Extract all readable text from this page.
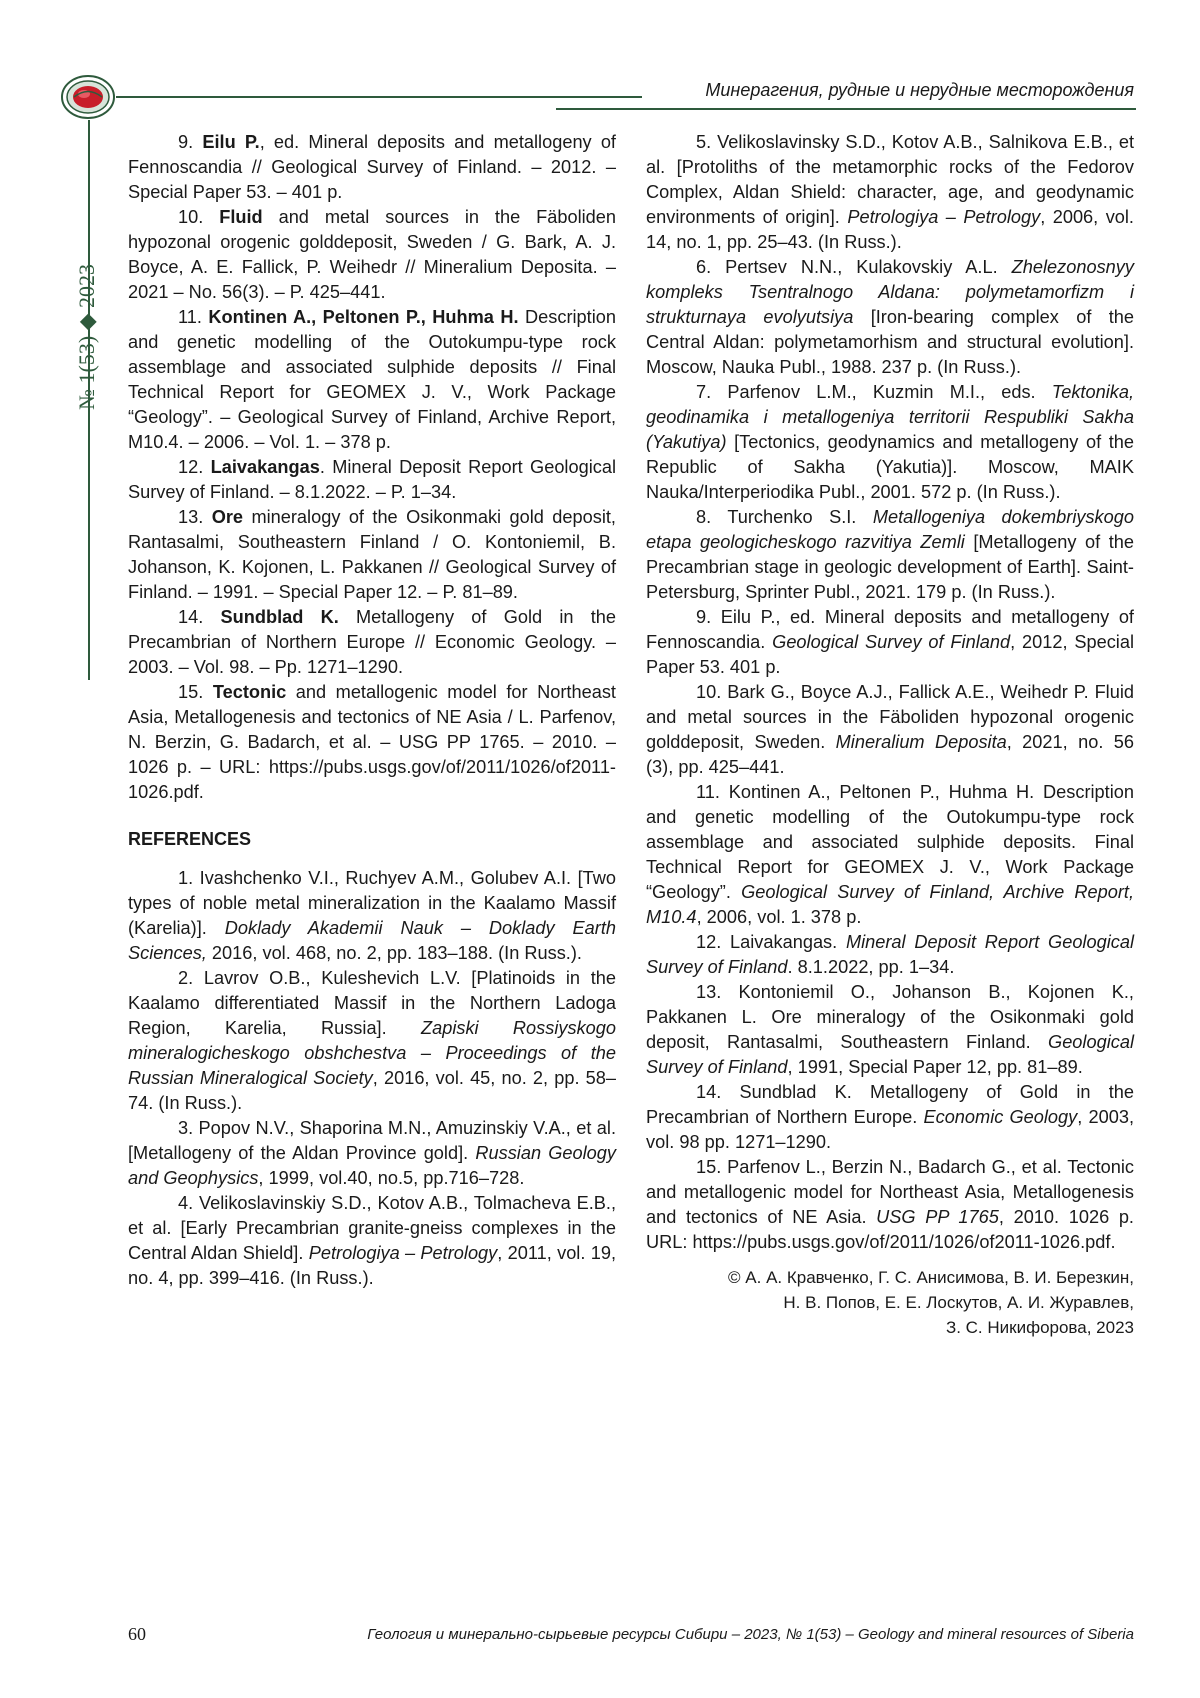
Минерагения, рудные и нерудные месторождения
№ 1(53) ◆ 2023

9. Eilu P., ed. Mineral deposits and metallogeny of Fennoscandia // Geological Survey of Finland. – 2012. – Special Paper 53. – 401 p.

10. Fluid and metal sources in the Fäboliden hypozonal orogenic golddeposit, Sweden / G. Bark, A. J. Boyce, A. E. Fallick, P. Weihedr // Mineralium Deposita. – 2021 – No. 56(3). – P. 425–441.

11. Kontinen A., Peltonen P., Huhma H. Description and genetic modelling of the Outokumpu-type rock assemblage and associated sulphide deposits // Final Technical Report for GEOMEX J. V., Work Package “Geology”. – Geological Survey of Finland, Archive Report, M10.4. – 2006. – Vol. 1. – 378 p.

12. Laivakangas. Mineral Deposit Report Geological Survey of Finland. – 8.1.2022. – P. 1–34.

13. Ore mineralogy of the Osikonmaki gold deposit, Rantasalmi, Southeastern Finland / O. Kontoniemil, B. Johanson, K. Kojonen, L. Pakkanen // Geological Survey of Finland. – 1991. – Special Paper 12. – P. 81–89.

14. Sundblad K. Metallogeny of Gold in the Precambrian of Northern Europe // Economic Geology. – 2003. – Vol. 98. – Pp. 1271–1290.

15. Tectonic and metallogenic model for Northeast Asia, Metallogenesis and tectonics of NE Asia / L. Parfenov, N. Berzin, G. Badarch, et al. – USG PP 1765. – 2010. – 1026 p. – URL: https://pubs.usgs.gov/of/2011/1026/of2011-1026.pdf.

REFERENCES

1. Ivashchenko V.I., Ruchyev A.M., Golubev A.I. [Two types of noble metal mineralization in the Kaalamo Massif (Karelia)]. Doklady Akademii Nauk – Doklady Earth Sciences, 2016, vol. 468, no. 2, pp. 183–188. (In Russ.).

2. Lavrov O.B., Kuleshevich L.V. [Platinoids in the Kaalamo differentiated Massif in the Northern Ladoga Region, Karelia, Russia]. Zapiski Rossiyskogo mineralogicheskogo obshchestva – Proceedings of the Russian Mineralogical Society, 2016, vol. 45, no. 2, pp. 58–74. (In Russ.).

3. Popov N.V., Shaporina M.N., Amuzinskiy V.A., et al. [Metallogeny of the Aldan Province gold]. Russian Geology and Geophysics, 1999, vol.40, no.5, pp.716–728.

4. Velikoslavinskiy S.D., Kotov A.B., Tolmacheva E.B., et al. [Early Precambrian granite-gneiss complexes in the Central Aldan Shield]. Petrologiya – Petrology, 2011, vol. 19, no. 4, pp. 399–416. (In Russ.).

5. Velikoslavinsky S.D., Kotov A.B., Salnikova E.B., et al. [Protoliths of the metamorphic rocks of the Fedorov Complex, Aldan Shield: character, age, and geodynamic environments of origin]. Petrologiya – Petrology, 2006, vol. 14, no. 1, pp. 25–43. (In Russ.).

6. Pertsev N.N., Kulakovskiy A.L. Zhelezonosnyy kompleks Tsentralnogo Aldana: polymetamorfizm i strukturnaya evolyutsiya [Iron-bearing complex of the Central Aldan: polymetamorhism and structural evolution]. Moscow, Nauka Publ., 1988. 237 p. (In Russ.).

7. Parfenov L.M., Kuzmin M.I., eds. Tektonika, geodinamika i metallogeniya territorii Respubliki Sakha (Yakutiya) [Tectonics, geodynamics and metallogeny of the Republic of Sakha (Yakutia)]. Moscow, MAIK Nauka/Interperiodika Publ., 2001. 572 p. (In Russ.).

8. Turchenko S.I. Metallogeniya dokembriyskogo etapa geologicheskogo razvitiya Zemli [Metallogeny of the Precambrian stage in geologic development of Earth]. Saint-Petersburg, Sprinter Publ., 2021. 179 p. (In Russ.).

9. Eilu P., ed. Mineral deposits and metallogeny of Fennoscandia. Geological Survey of Finland, 2012, Special Paper 53. 401 p.

10. Bark G., Boyce A.J., Fallick A.E., Weihedr P. Fluid and metal sources in the Fäboliden hypozonal orogenic golddeposit, Sweden. Mineralium Deposita, 2021, no. 56 (3), pp. 425–441.

11. Kontinen A., Peltonen P., Huhma H. Description and genetic modelling of the Outokumpu-type rock assemblage and associated sulphide deposits. Final Technical Report for GEOMEX J. V., Work Package “Geology”. Geological Survey of Finland, Archive Report, M10.4, 2006, vol. 1. 378 p.

12. Laivakangas. Mineral Deposit Report Geological Survey of Finland. 8.1.2022, pp. 1–34.

13. Kontoniemil O., Johanson B., Kojonen K., Pakkanen L. Ore mineralogy of the Osikonmaki gold deposit, Rantasalmi, Southeastern Finland. Geological Survey of Finland, 1991, Special Paper 12, pp. 81–89.

14. Sundblad K. Metallogeny of Gold in the Precambrian of Northern Europe. Economic Geology, 2003, vol. 98 pp. 1271–1290.

15. Parfenov L., Berzin N., Badarch G., et al. Tectonic and metallogenic model for Northeast Asia, Metallogenesis and tectonics of NE Asia. USG PP 1765, 2010. 1026 p. URL: https://pubs.usgs.gov/of/2011/1026/of2011-1026.pdf.

© А. А. Кравченко, Г. С. Анисимова, В. И. Березкин,
Н. В. Попов, Е. Е. Лоскутов, А. И. Журавлев,
З. С. Никифорова, 2023
60	Геология и минерально-сырьевые ресурсы Сибири – 2023, № 1(53) – Geology and mineral resources of Siberia
